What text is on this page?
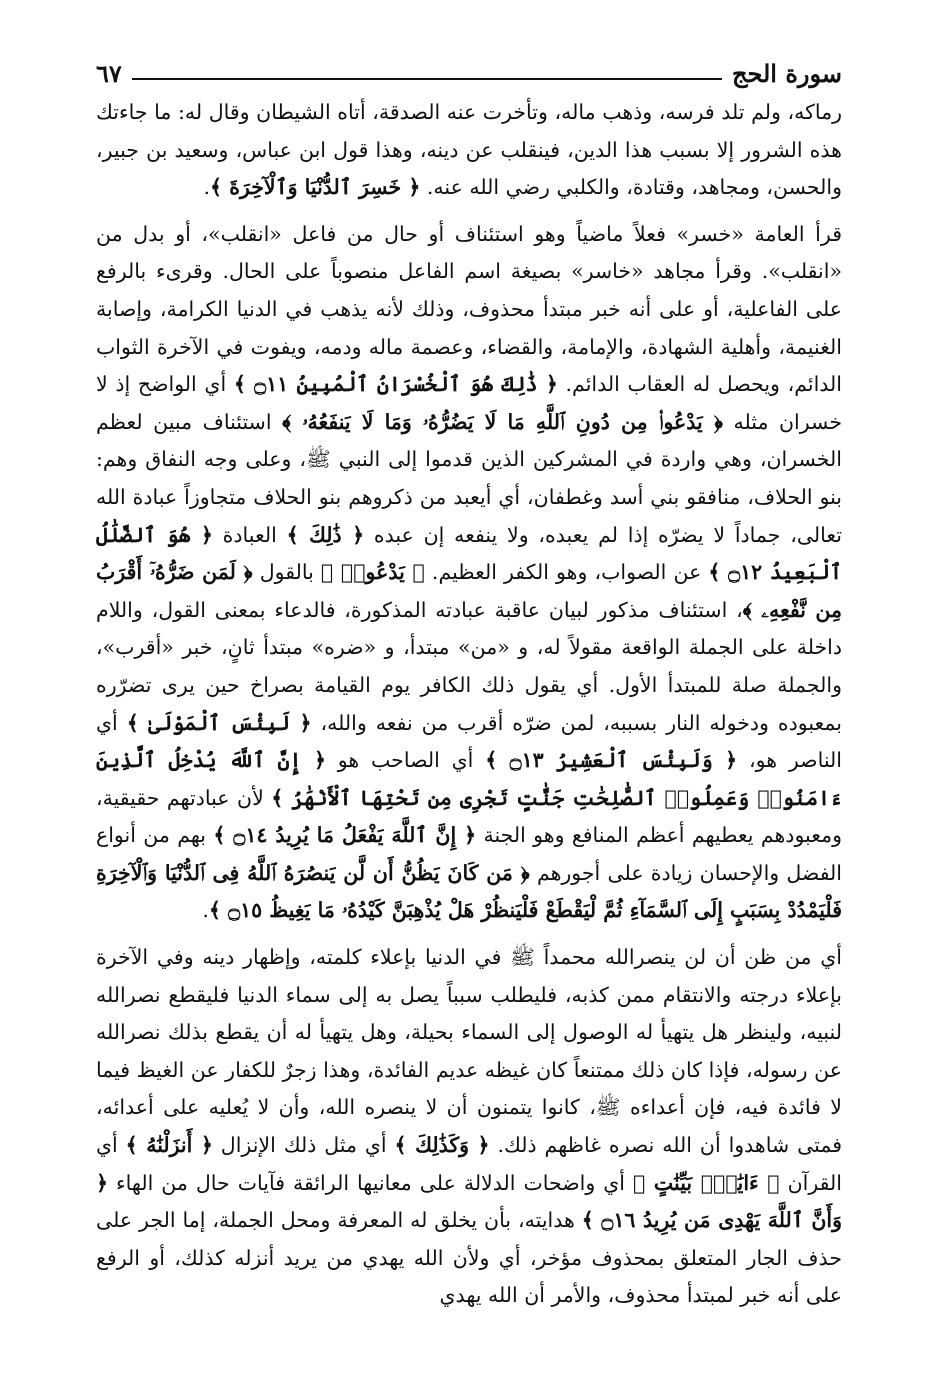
سورة الحج
٦٧

رماكه، ولم تلد فرسه، وذهب ماله، وتأخرت عنه الصدقة، أتاه الشيطان وقال له: ما جاءتك هذه الشرور إلا بسبب هذا الدين، فينقلب عن دينه، وهذا قول ابن عباس، وسعيد بن جبير، والحسن، ومجاهد، وقتادة، والكلبي رضي الله عنه. ﴿ خَسِرَ ٱلدُّنْيَا وَٱلْآخِرَةَ ﴾.

قرأ العامة «خسر» فعلاً ماضياً وهو استئناف أو حال من فاعل «انقلب»، أو بدل من «انقلب». وقرأ مجاهد «خاسر» بصيغة اسم الفاعل منصوباً على الحال. وقرىء بالرفع على الفاعلية، أو على أنه خبر مبتدأ محذوف، وذلك لأنه يذهب في الدنيا الكرامة، وإصابة الغنيمة، وأهلية الشهادة، والإمامة، والقضاء، وعصمة ماله ودمه، ويفوت في الآخرة الثواب الدائم، ويحصل له العقاب الدائم. ﴿ ذَٰلِكَ هُوَ ٱلْخُسْرَانُ ٱلْمُبِينُ ۝١١ ﴾ أي الواضح إذ لا خسران مثله ﴿ يَدْعُوا۟ مِن دُونِ ٱللَّهِ مَا لَا يَضُرُّهُۥ وَمَا لَا يَنفَعُهُۥ ﴾ استئناف مبين لعظم الخسران، وهي واردة في المشركين الذين قدموا إلى النبي ﷺ، وعلى وجه النفاق وهم: بنو الحلاف، منافقو بني أسد وغطفان، أي أيعبد من ذكروهم بنو الحلاف متجاوزاً عبادة الله تعالى، جماداً لا يضرّه إذا لم يعبده، ولا ينفعه إن عبده ﴿ ذَٰلِكَ ﴾ العبادة ﴿ هُوَ ٱلضَّلَٰلُ ٱلْبَعِيدُ ۝١٢ ﴾ عن الصواب، وهو الكفر العظيم. ﴿ يَدْعُوا۟ ﴾ بالقول ﴿ لَمَن ضَرُّهُۥٓ أَقْرَبُ مِن نَّفْعِهِۦ ﴾، استئناف مذكور لبيان عاقبة عبادته المذكورة، فالدعاء بمعنى القول، واللام داخلة على الجملة الواقعة مقولاً له، و «من» مبتدأ، و «ضره» مبتدأ ثانٍ، خبر «أقرب»، والجملة صلة للمبتدأ الأول. أي يقول ذلك الكافر يوم القيامة بصراخ حين يرى تضرّره بمعبوده ودخوله النار بسببه، لمن ضرّه أقرب من نفعه والله، ﴿ لَبِئْسَ ٱلْمَوْلَىٰ ﴾ أي الناصر هو، ﴿ وَلَبِئْسَ ٱلْعَشِيرُ ۝١٣ ﴾ أي الصاحب هو ﴿ إِنَّ ٱللَّهَ يُدْخِلُ ٱلَّذِينَ ءَامَنُوا۟ وَعَمِلُوا۟ ٱلصَّٰلِحَٰتِ جَنَّٰتٍ تَجْرِى مِن تَحْتِهَا ٱلْأَنْهَٰرُ ﴾ لأن عبادتهم حقيقية، ومعبودهم يعطيهم أعظم المنافع وهو الجنة ﴿ إِنَّ ٱللَّهَ يَفْعَلُ مَا يُرِيدُ ۝١٤ ﴾ بهم من أنواع الفضل والإحسان زيادة على أجورهم ﴿ مَن كَانَ يَظُنُّ أَن لَّن يَنصُرَهُ ٱللَّهُ فِى ٱلدُّنْيَا وَٱلْآخِرَةِ فَلْيَمْدُدْ بِسَبَبٍ إِلَى ٱلسَّمَآءِ ثُمَّ لْيَقْطَعْ فَلْيَنظُرْ هَلْ يُذْهِبَنَّ كَيْدُهُۥ مَا يَغِيظُ ۝١٥ ﴾.

أي من ظن أن لن ينصرالله محمداً ﷺ في الدنيا بإعلاء كلمته، وإظهار دينه وفي الآخرة بإعلاء درجته والانتقام ممن كذبه، فليطلب سبباً يصل به إلى سماء الدنيا فليقطع نصرالله لنبيه، ولينظر هل يتهيأ له الوصول إلى السماء بحيلة، وهل يتهيأ له أن يقطع بذلك نصرالله عن رسوله، فإذا كان ذلك ممتنعاً كان غيظه عديم الفائدة، وهذا زجرٌ للكفار عن الغيظ فيما لا فائدة فيه، فإن أعداءه ﷺ، كانوا يتمنون أن لا ينصره الله، وأن لا يُعليه على أعدائه، فمتى شاهدوا أن الله نصره غاظهم ذلك. ﴿ وَكَذَٰلِكَ ﴾ أي مثل ذلك الإنزال ﴿ أَنزَلْنَٰهُ ﴾ أي القرآن ﴿ ءَايَٰتٍۭ بَيِّنَٰتٍ ﴾ أي واضحات الدلالة على معانيها الرائقة فآيات حال من الهاء ﴿ وَأَنَّ ٱللَّهَ يَهْدِى مَن يُرِيدُ ۝١٦ ﴾ هدايته، بأن يخلق له المعرفة ومحل الجملة، إما الجر على حذف الجار المتعلق بمحذوف مؤخر، أي ولأن الله يهدي من يريد أنزله كذلك، أو الرفع على أنه خبر لمبتدأ محذوف، والأمر أن الله يهدي
